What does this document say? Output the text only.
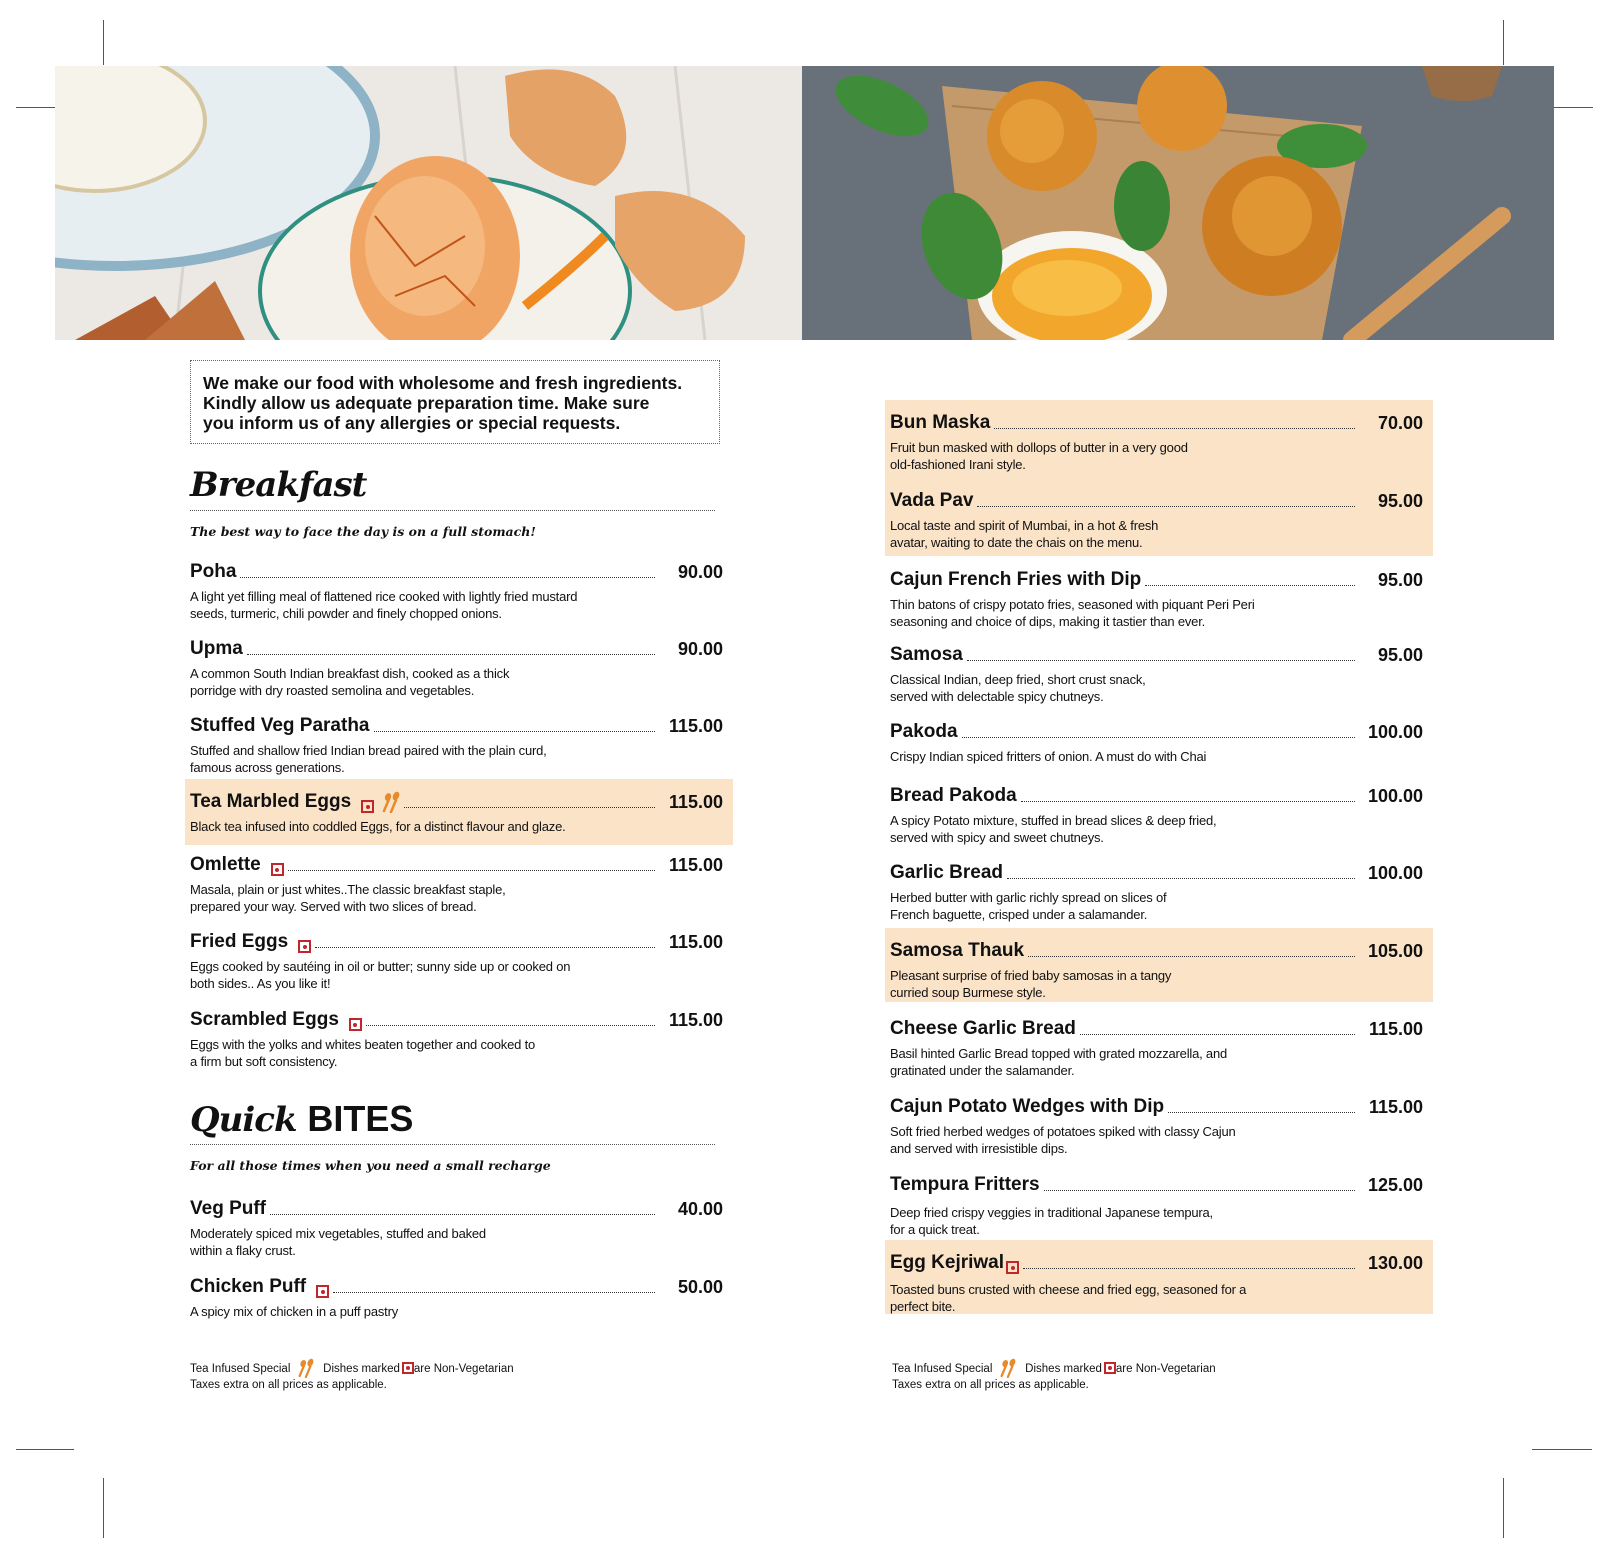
We make our food with wholesome and fresh ingredients.
Kindly allow us adequate preparation time. Make sure
you inform us of any allergies or special requests.
Breakfast
The best way to face the day is on a full stomach!
Poha	90.00
A light yet filling meal of flattened rice cooked with lightly fried mustard
seeds, turmeric, chili powder and finely chopped onions.
Upma	90.00
A common South Indian breakfast dish, cooked as a thick
porridge with dry roasted semolina and vegetables.
Stuffed Veg Paratha	115.00
Stuffed and shallow fried Indian bread paired with the plain curd,
famous across generations.
Tea Marbled Eggs	115.00
Black tea infused into coddled Eggs, for a distinct flavour and glaze.
Omlette	115.00
Masala, plain or just whites..The classic breakfast staple,
prepared your way. Served with two slices of bread.
Fried Eggs	115.00
Eggs cooked by sautéing in oil or butter; sunny side up or cooked on
both sides.. As you like it!
Scrambled Eggs	115.00
Eggs with the yolks and whites beaten together and cooked to
a firm but soft consistency.
Quick BITES
For all those times when you need a small recharge
Veg Puff	40.00
Moderately spiced mix vegetables, stuffed and baked
within a flaky crust.
Chicken Puff	50.00
A spicy mix of chicken in a puff pastry
Tea Infused Special	Dishes marked are Non-Vegetarian
Taxes extra on all prices as applicable.
Bun Maska	70.00
Fruit bun masked with dollops of butter in a very good
old-fashioned Irani style.
Vada Pav	95.00
Local taste and spirit of Mumbai, in a hot & fresh
avatar, waiting to date the chais on the menu.
Cajun French Fries with Dip	95.00
Thin batons of crispy potato fries, seasoned with piquant Peri Peri
seasoning and choice of dips, making it tastier than ever.
Samosa	95.00
Classical Indian, deep fried, short crust snack,
served with delectable spicy chutneys.
Pakoda	100.00
Crispy Indian spiced fritters of onion. A must do with Chai
Bread Pakoda	100.00
A spicy Potato mixture, stuffed in bread slices & deep fried,
served with spicy and sweet chutneys.
Garlic Bread	100.00
Herbed butter with garlic richly spread on slices of
French baguette, crisped under a salamander.
Samosa Thauk	105.00
Pleasant surprise of fried baby samosas in a tangy
curried soup Burmese style.
Cheese Garlic Bread	115.00
Basil hinted Garlic Bread topped with grated mozzarella, and
gratinated under the salamander.
Cajun Potato Wedges with Dip	115.00
Soft fried herbed wedges of potatoes spiked with classy Cajun
and served with irresistible dips.
Tempura Fritters	125.00
Deep fried crispy veggies in traditional Japanese tempura,
for a quick treat.
Egg Kejriwal	130.00
Toasted buns crusted with cheese and fried egg, seasoned for a
perfect bite.
Tea Infused Special	Dishes marked are Non-Vegetarian
Taxes extra on all prices as applicable.
